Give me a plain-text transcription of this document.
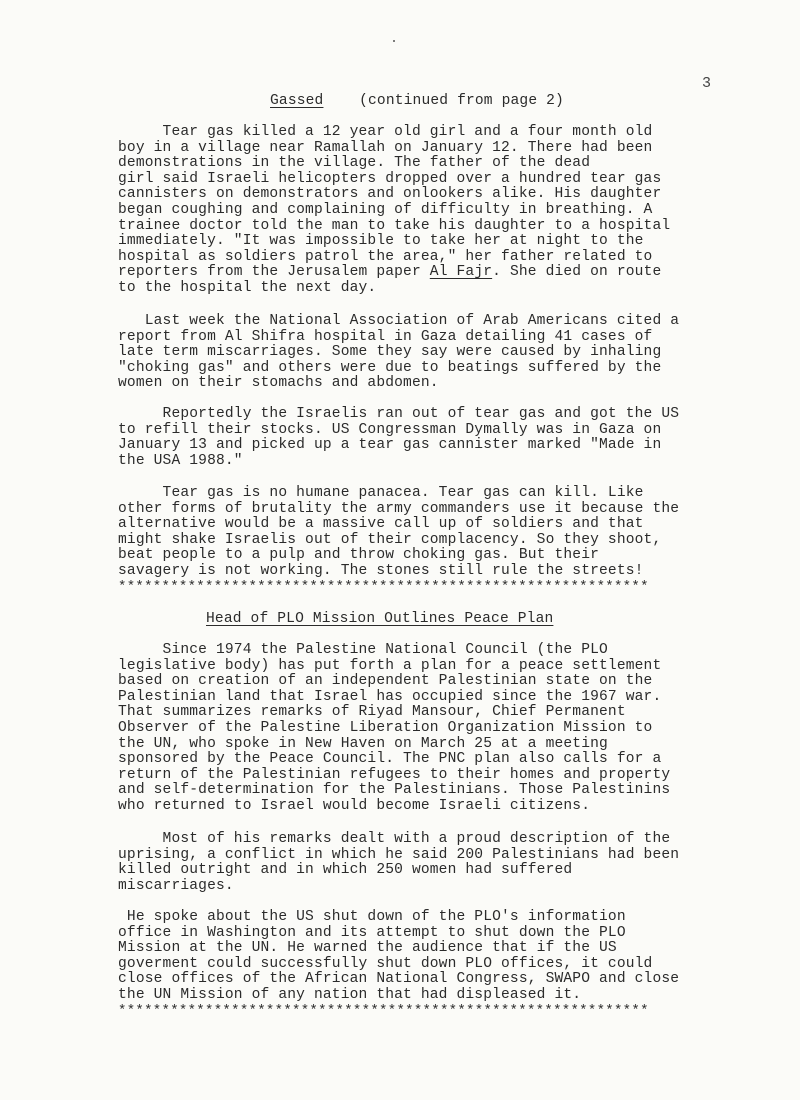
3
Gassed (continued from page 2)
Tear gas killed a 12 year old girl and a four month old
boy in a village near Ramallah on January 12. There had been
demonstrations in the village. The father of the dead
girl said Israeli helicopters dropped over a hundred tear gas
cannisters on demonstrators and onlookers alike. His daughter
began coughing and complaining of difficulty in breathing. A
trainee doctor told the man to take his daughter to a hospital
immediately. "It was impossible to take her at night to the
hospital as soldiers patrol the area," her father related to
reporters from the Jerusalem paper Al Fajr. She died on route
to the hospital the next day.
Last week the National Association of Arab Americans cited a
report from Al Shifra hospital in Gaza detailing 41 cases of
late term miscarriages. Some they say were caused by inhaling
"choking gas" and others were due to beatings suffered by the
women on their stomachs and abdomen.
Reportedly the Israelis ran out of tear gas and got the US
to refill their stocks. US Congressman Dymally was in Gaza on
January 13 and picked up a tear gas cannister marked "Made in
the USA 1988."
Tear gas is no humane panacea. Tear gas can kill. Like
other forms of brutality the army commanders use it because the
alternative would be a massive call up of soldiers and that
might shake Israelis out of their complacency. So they shoot,
beat people to a pulp and throw choking gas. But their
savagery is not working. The stones still rule the streets!
*************************************************************
Head of PLO Mission Outlines Peace Plan
Since 1974 the Palestine National Council (the PLO
legislative body) has put forth a plan for a peace settlement
based on creation of an independent Palestinian state on the
Palestinian land that Israel has occupied since the 1967 war.
That summarizes remarks of Riyad Mansour, Chief Permanent
Observer of the Palestine Liberation Organization Mission to
the UN, who spoke in New Haven on March 25 at a meeting
sponsored by the Peace Council. The PNC plan also calls for a
return of the Palestinian refugees to their homes and property
and self-determination for the Palestinians. Those Palestinins
who returned to Israel would become Israeli citizens.
Most of his remarks dealt with a proud description of the
uprising, a conflict in which he said 200 Palestinians had been
killed outright and in which 250 women had suffered
miscarriages.
He spoke about the US shut down of the PLO's information
office in Washington and its attempt to shut down the PLO
Mission at the UN. He warned the audience that if the US
goverment could successfully shut down PLO offices, it could
close offices of the African National Congress, SWAPO and close
the UN Mission of any nation that had displeased it.
*************************************************************
